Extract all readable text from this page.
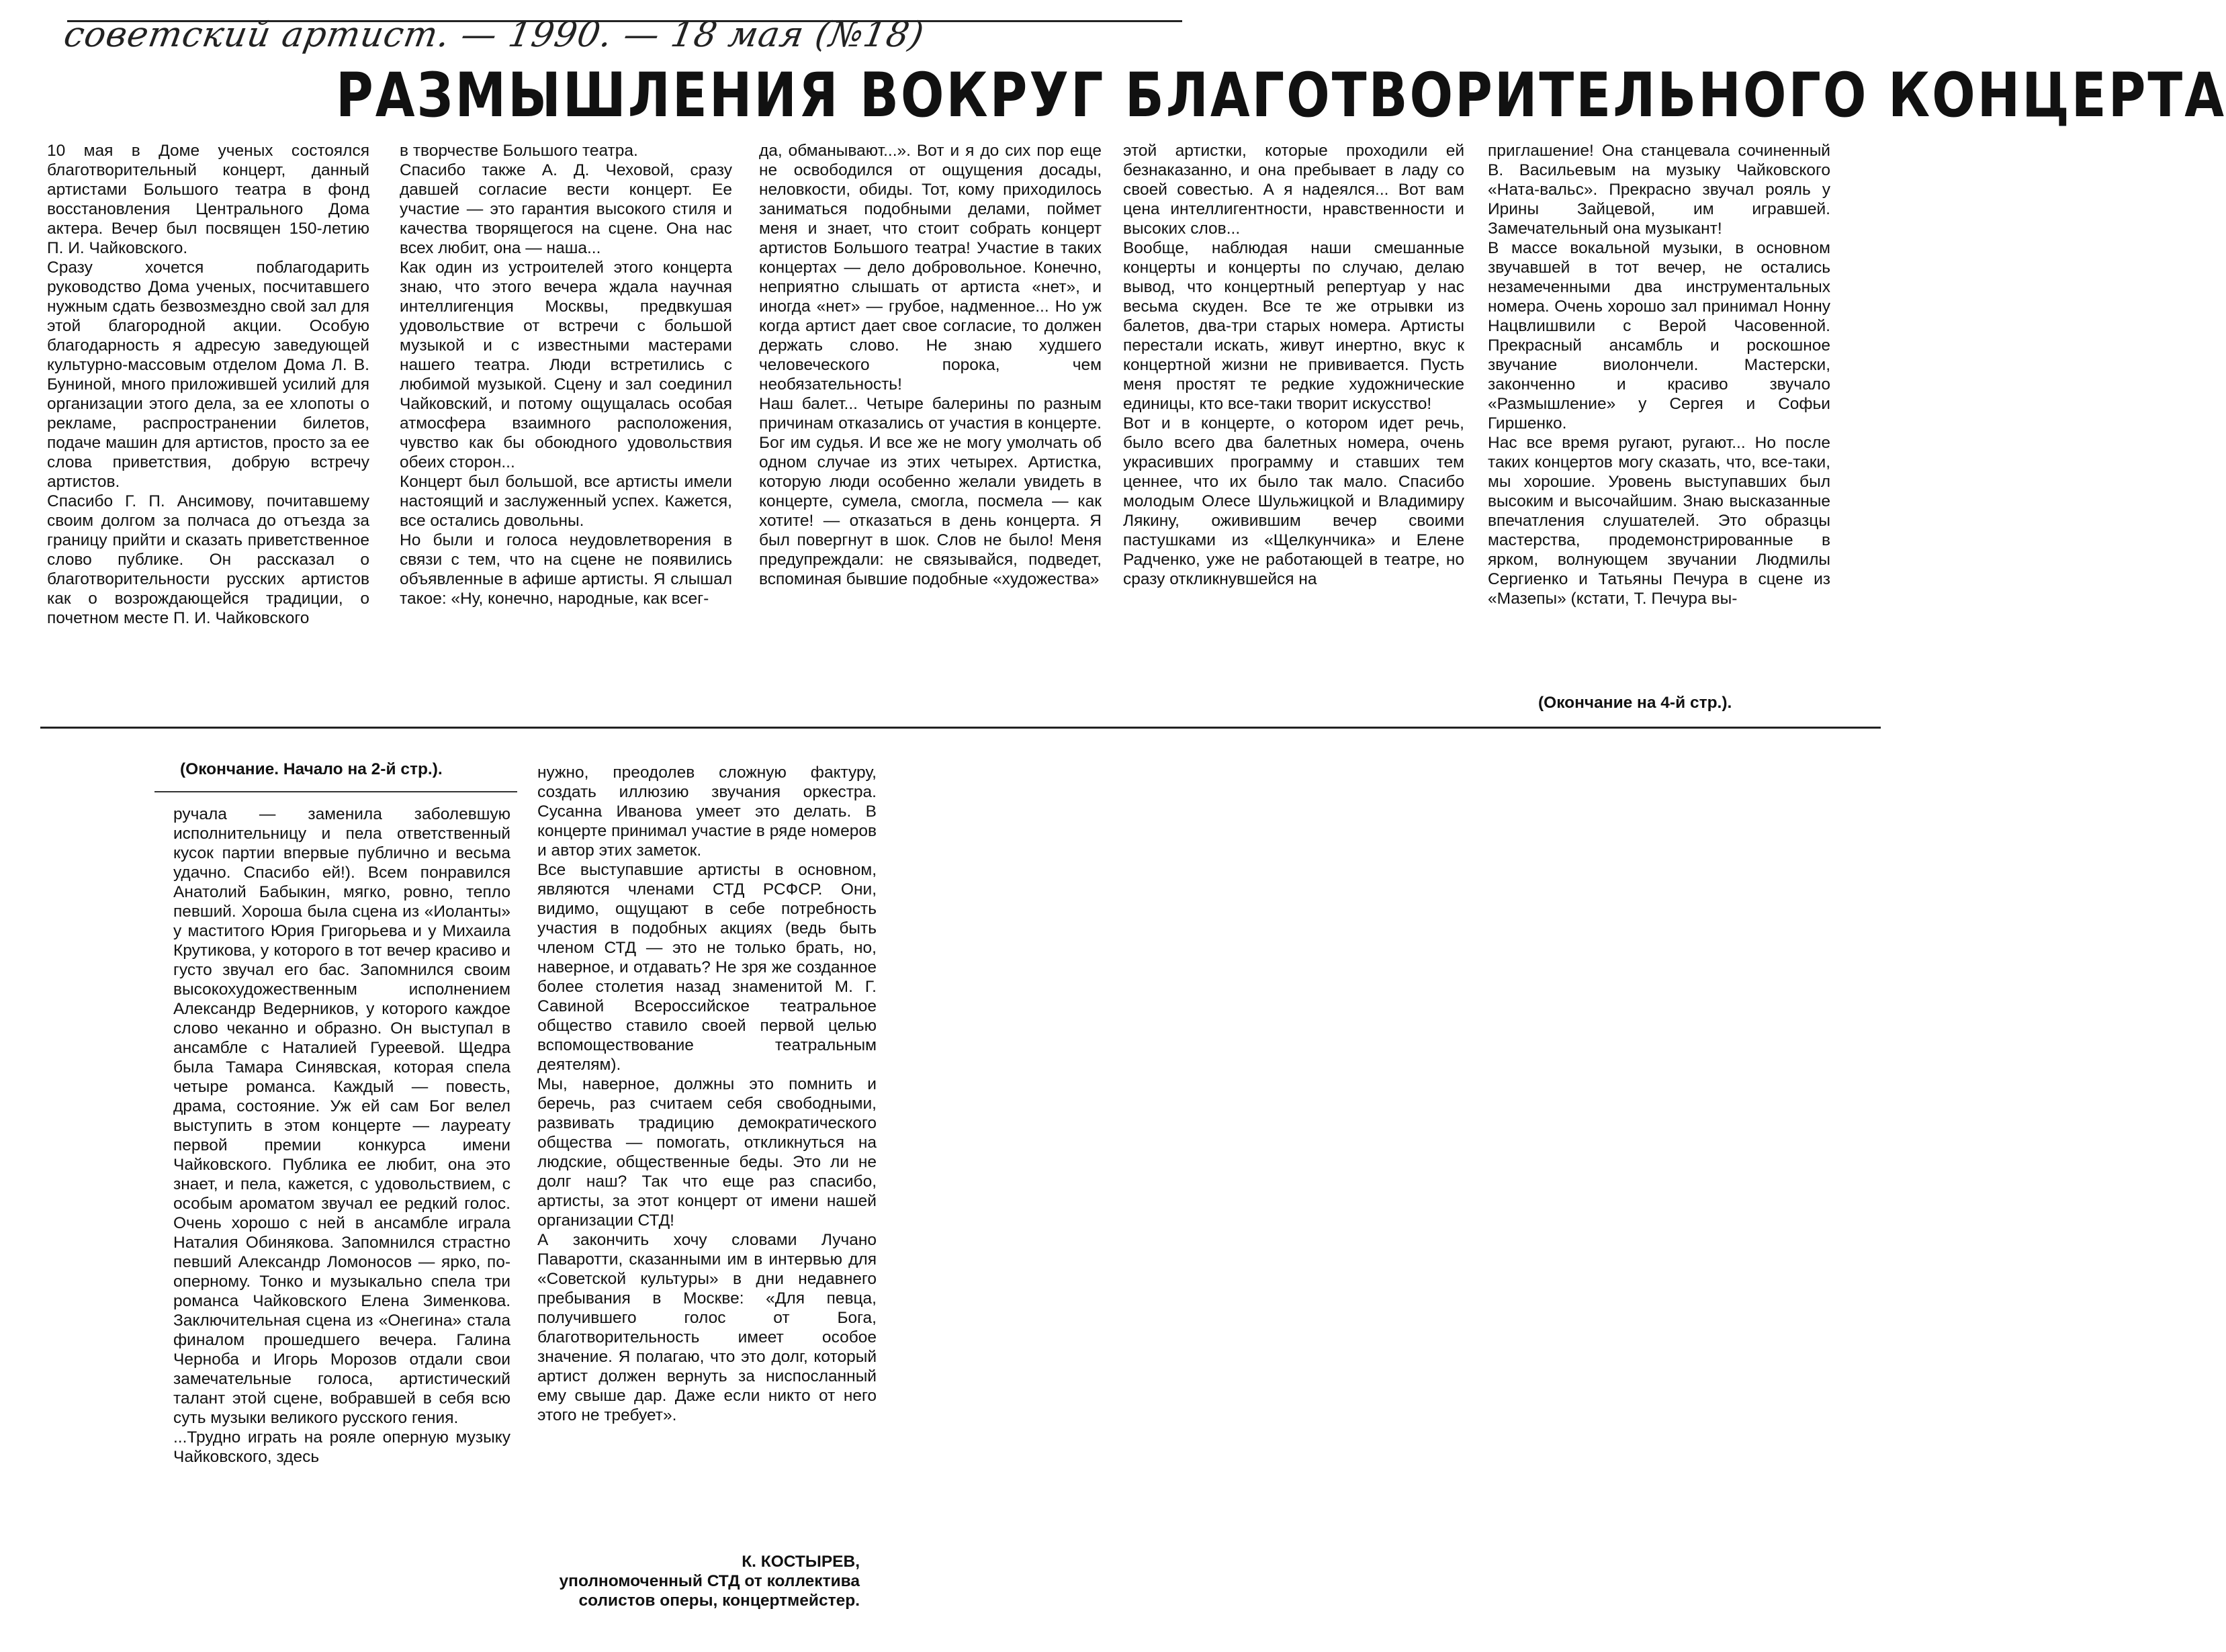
советский артист. — 1990. — 18 мая (№18)
РАЗМЫШЛЕНИЯ ВОКРУГ БЛАГОТВОРИТЕЛЬНОГО КОНЦЕРТА
10 мая в Доме ученых состоялся благотворительный концерт, данный артистами Большого театра в фонд восстановления Центрального Дома актера. Вечер был посвящен 150-летию П. И. Чайковского.
Сразу хочется поблагодарить руководство Дома ученых, посчитавшего нужным сдать безвозмездно свой зал для этой благородной акции. Особую благодарность я адресую заведующей культурно-массовым отделом Дома Л. В. Буниной, много приложившей усилий для организации этого дела, за ее хлопоты о рекламе, распространении билетов, подаче машин для артистов, просто за ее слова приветствия, добрую встречу артистов.
Спасибо Г. П. Ансимову, почитавшему своим долгом за полчаса до отъезда за границу прийти и сказать приветственное слово публике. Он рассказал о благотворительности русских артистов как о возрождающейся традиции, о почетном месте П. И. Чайковского
в творчестве Большого театра.
Спасибо также А. Д. Чеховой, сразу давшей согласие вести концерт. Ее участие — это гарантия высокого стиля и качества творящегося на сцене. Она нас всех любит, она — наша...
Как один из устроителей этого концерта знаю, что этого вечера ждала научная интеллигенция Москвы, предвкушая удовольствие от встречи с большой музыкой и с известными мастерами нашего театра. Люди встретились с любимой музыкой. Сцену и зал соединил Чайковский, и потому ощущалась особая атмосфера взаимного расположения, чувство как бы обоюдного удовольствия обеих сторон...
Концерт был большой, все артисты имели настоящий и заслуженный успех. Кажется, все остались довольны.
Но были и голоса неудовлетворения в связи с тем, что на сцене не появились объявленные в афише артисты. Я слышал такое: «Ну, конечно, народные, как всег-
да, обманывают...». Вот и я до сих пор еще не освободился от ощущения досады, неловкости, обиды. Тот, кому приходилось заниматься подобными делами, поймет меня и знает, что стоит собрать концерт артистов Большого театра! Участие в таких концертах — дело добровольное. Конечно, неприятно слышать от артиста «нет», и иногда «нет» — грубое, надменное... Но уж когда артист дает свое согласие, то должен держать слово. Не знаю худшего человеческого порока, чем необязательность!
Наш балет... Четыре балерины по разным причинам отказались от участия в концерте. Бог им судья. И все же не могу умолчать об одном случае из этих четырех. Артистка, которую люди особенно желали увидеть в концерте, сумела, смогла, посмела — как хотите! — отказаться в день концерта. Я был повергнут в шок. Слов не было! Меня предупреждали: не связывайся, подведет, вспоминая бывшие подобные «художества»
этой артистки, которые проходили ей безнаказанно, и она пребывает в ладу со своей совестью. А я надеялся... Вот вам цена интеллигентности, нравственности и высоких слов...
Вообще, наблюдая наши смешанные концерты и концерты по случаю, делаю вывод, что концертный репертуар у нас весьма скуден. Все те же отрывки из балетов, два-три старых номера. Артисты перестали искать, живут инертно, вкус к концертной жизни не прививается. Пусть меня простят те редкие художнические единицы, кто все-таки творит искусство!
Вот и в концерте, о котором идет речь, было всего два балетных номера, очень украсивших программу и ставших тем ценнее, что их было так мало. Спасибо молодым Олесе Шульжицкой и Владимиру Лякину, оживившим вечер своими пастушками из «Щелкунчика» и Елене Радченко, уже не работающей в театре, но сразу откликнувшейся на
приглашение! Она станцевала сочиненный В. Васильевым на музыку Чайковского «Ната-вальс». Прекрасно звучал рояль у Ирины Зайцевой, им игравшей. Замечательный она музыкант!
В массе вокальной музыки, в основном звучавшей в тот вечер, не остались незамеченными два инструментальных номера. Очень хорошо зал принимал Нонну Нацвлишвили с Верой Часовенной. Прекрасный ансамбль и роскошное звучание виолончели. Мастерски, законченно и красиво звучало «Размышление» у Сергея и Софьи Гиршенко.
Нас все время ругают, ругают... Но после таких концертов могу сказать, что, все-таки, мы хорошие. Уровень выступавших был высоким и высочайшим. Знаю высказанные впечатления слушателей. Это образцы мастерства, продемонстрированные в ярком, волнующем звучании Людмилы Сергиенко и Татьяны Печура в сцене из «Мазепы» (кстати, Т. Печура вы-
(Окончание на 4-й стр.).
(Окончание. Начало на 2-й стр.).
ручала — заменила заболевшую исполнительницу и пела ответственный кусок партии впервые публично и весьма удачно. Спасибо ей!). Всем понравился Анатолий Бабыкин, мягко, ровно, тепло певший. Хороша была сцена из «Иоланты» у маститого Юрия Григорьева и у Михаила Крутикова, у которого в тот вечер красиво и густо звучал его бас. Запомнился своим высокохудожественным исполнением Александр Ведерников, у которого каждое слово чеканно и образно. Он выступал в ансамбле с Наталией Гуреевой. Щедра была Тамара Синявская, которая спела четыре романса. Каждый — повесть, драма, состояние. Уж ей сам Бог велел выступить в этом концерте — лауреату первой премии конкурса имени Чайковского. Публика ее любит, она это знает, и пела, кажется, с удовольствием, с особым ароматом звучал ее редкий голос. Очень хорошо с ней в ансамбле играла Наталия Обинякова. Запомнился страстно певший Александр Ломоносов — ярко, по-оперному. Тонко и музыкально спела три романса Чайковского Елена Зименкова. Заключительная сцена из «Онегина» стала финалом прошедшего вечера. Галина Черноба и Игорь Морозов отдали свои замечательные голоса, артистический талант этой сцене, вобравшей в себя всю суть музыки великого русского гения.
...Трудно играть на рояле оперную музыку Чайковского, здесь
нужно, преодолев сложную фактуру, создать иллюзию звучания оркестра. Сусанна Иванова умеет это делать. В концерте принимал участие в ряде номеров и автор этих заметок.
Все выступавшие артисты в основном, являются членами СТД РСФСР. Они, видимо, ощущают в себе потребность участия в подобных акциях (ведь быть членом СТД — это не только брать, но, наверное, и отдавать? Не зря же созданное более столетия назад знаменитой М. Г. Савиной Всероссийское театральное общество ставило своей первой целью вспомоществование театральным деятелям).
Мы, наверное, должны это помнить и беречь, раз считаем себя свободными, развивать традицию демократического общества — помогать, откликнуться на людские, общественные беды. Это ли не долг наш? Так что еще раз спасибо, артисты, за этот концерт от имени нашей организации СТД!
А закончить хочу словами Лучано Паваротти, сказанными им в интервью для «Советской культуры» в дни недавнего пребывания в Москве: «Для певца, получившего голос от Бога, благотворительность имеет особое значение. Я полагаю, что это долг, который артист должен вернуть за ниспосланный ему свыше дар. Даже если никто от него этого не требует».
К. КОСТЫРЕВ,
уполномоченный СТД от коллектива солистов оперы, концертмейстер.
